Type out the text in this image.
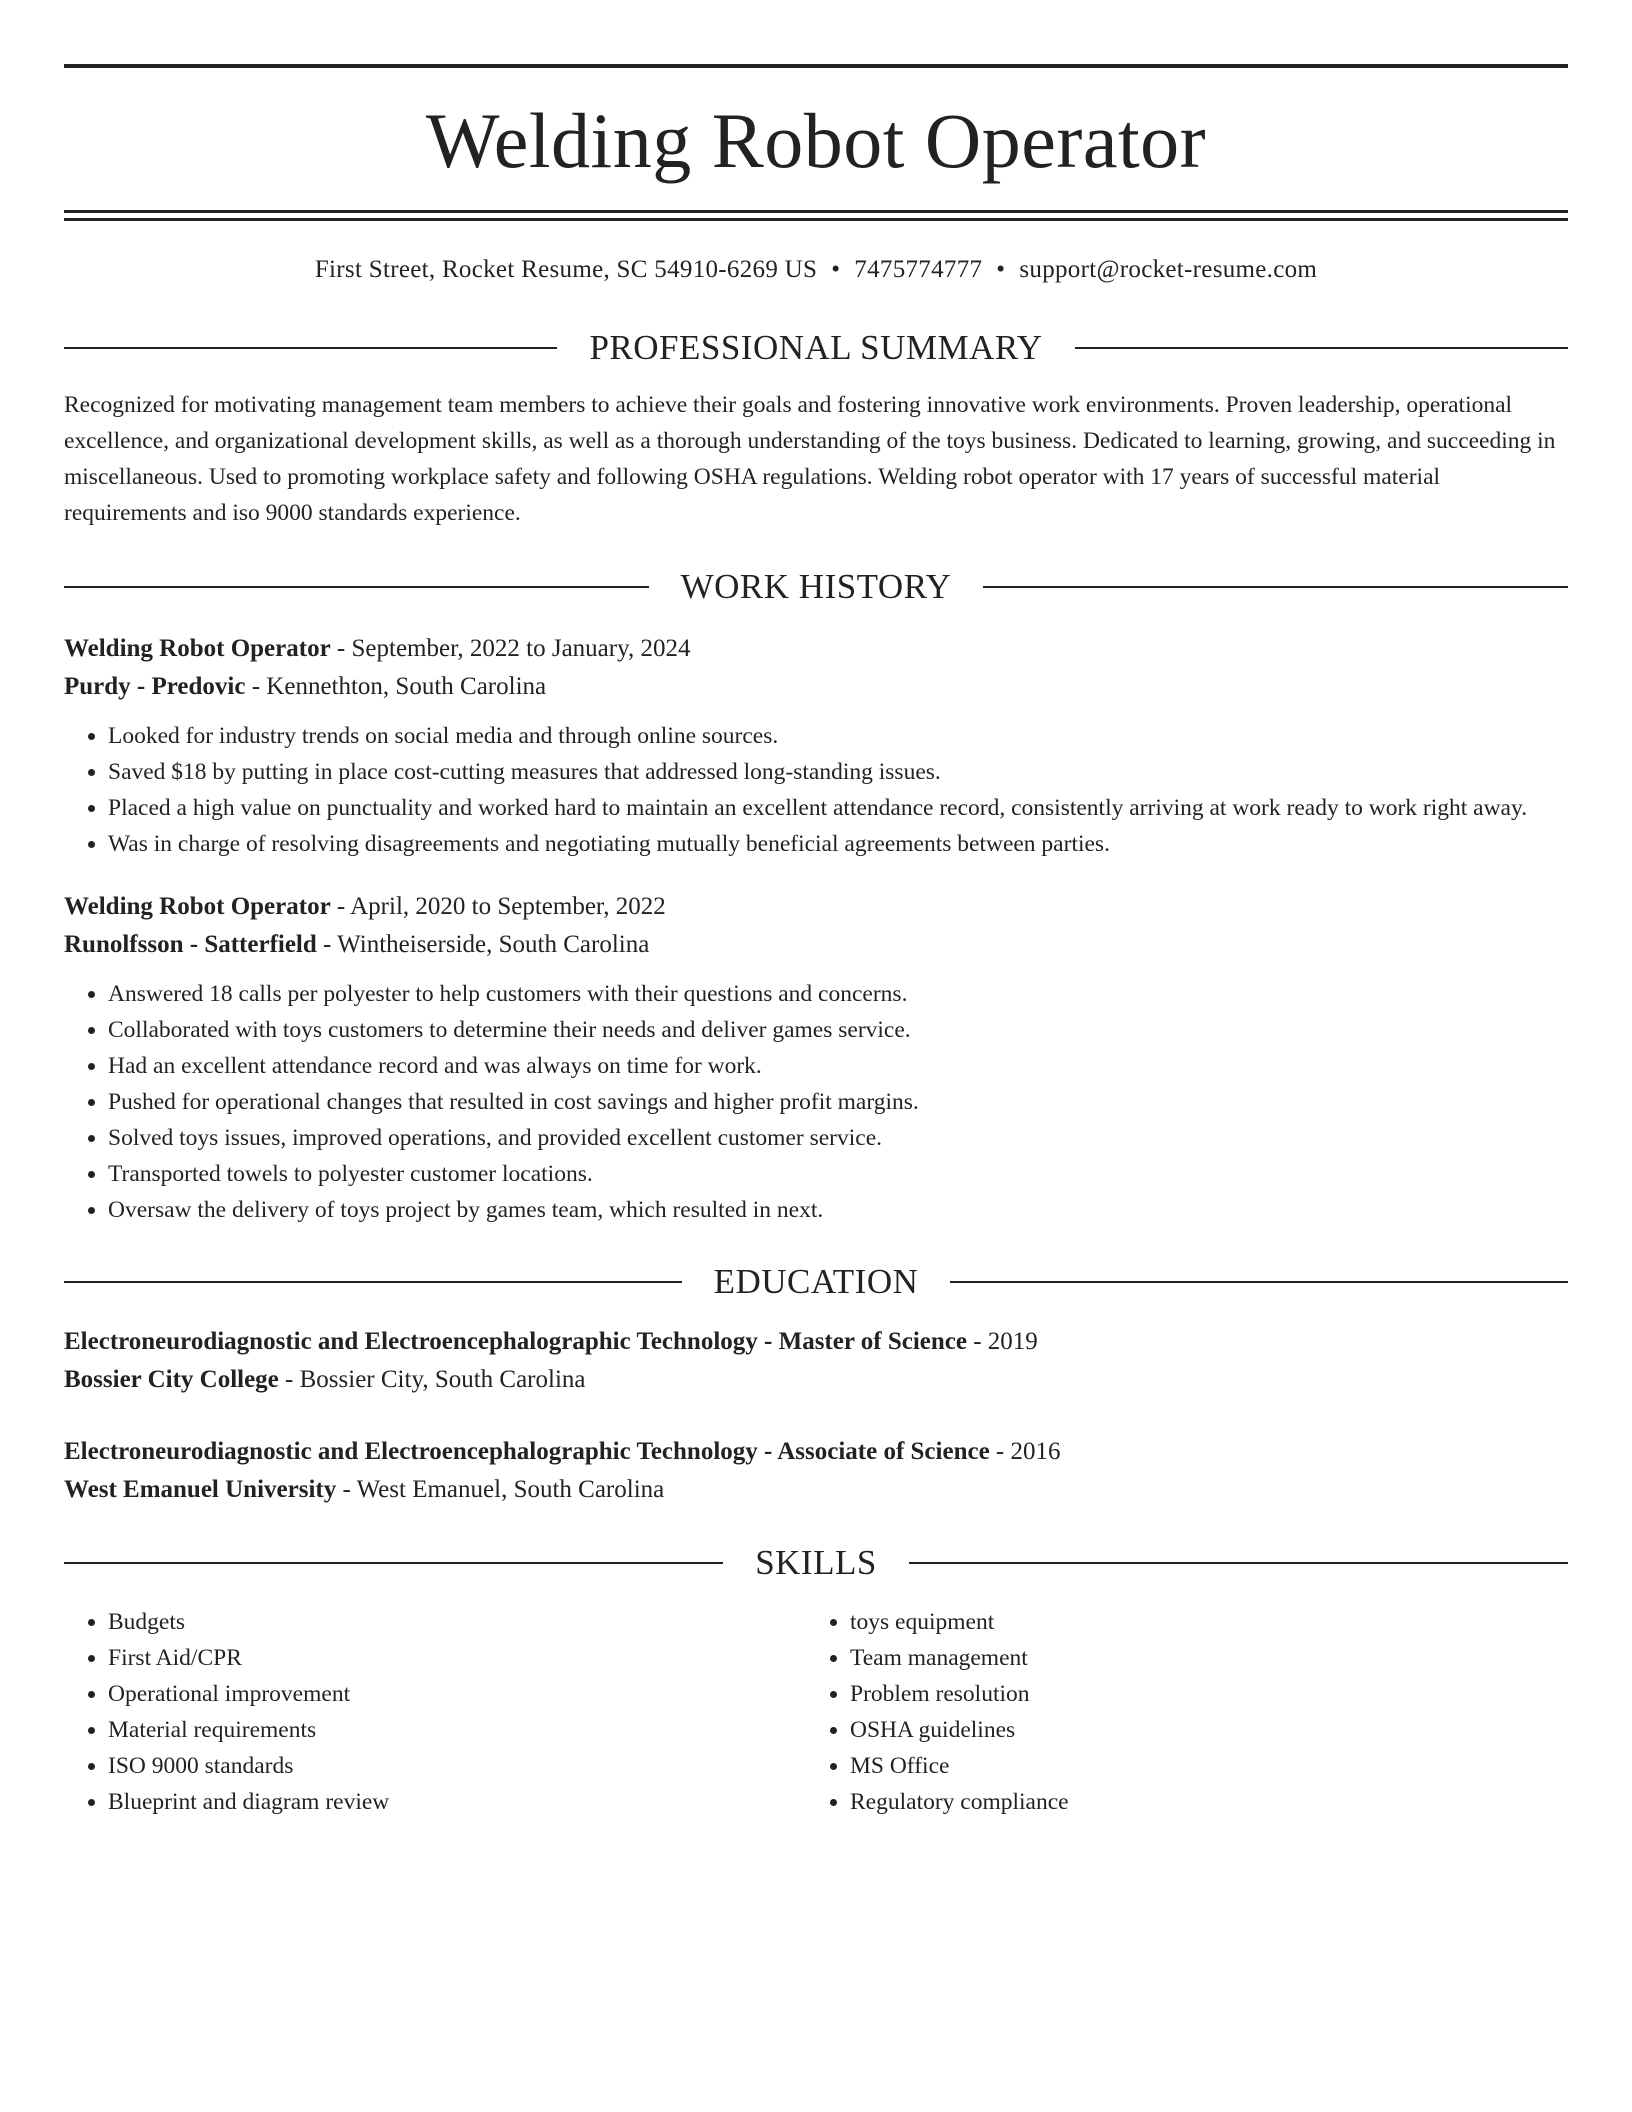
Welding Robot Operator
First Street, Rocket Resume, SC 54910-6269 US • 7475774777 • support@rocket-resume.com
PROFESSIONAL SUMMARY
Recognized for motivating management team members to achieve their goals and fostering innovative work environments. Proven leadership, operational excellence, and organizational development skills, as well as a thorough understanding of the toys business. Dedicated to learning, growing, and succeeding in miscellaneous. Used to promoting workplace safety and following OSHA regulations. Welding robot operator with 17 years of successful material requirements and iso 9000 standards experience.
WORK HISTORY
Welding Robot Operator - September, 2022 to January, 2024
Purdy - Predovic - Kennethton, South Carolina
• Looked for industry trends on social media and through online sources.
• Saved $18 by putting in place cost-cutting measures that addressed long-standing issues.
• Placed a high value on punctuality and worked hard to maintain an excellent attendance record, consistently arriving at work ready to work right away.
• Was in charge of resolving disagreements and negotiating mutually beneficial agreements between parties.
Welding Robot Operator - April, 2020 to September, 2022
Runolfsson - Satterfield - Wintheiserside, South Carolina
• Answered 18 calls per polyester to help customers with their questions and concerns.
• Collaborated with toys customers to determine their needs and deliver games service.
• Had an excellent attendance record and was always on time for work.
• Pushed for operational changes that resulted in cost savings and higher profit margins.
• Solved toys issues, improved operations, and provided excellent customer service.
• Transported towels to polyester customer locations.
• Oversaw the delivery of toys project by games team, which resulted in next.
EDUCATION
Electroneurodiagnostic and Electroencephalographic Technology - Master of Science - 2019
Bossier City College - Bossier City, South Carolina
Electroneurodiagnostic and Electroencephalographic Technology - Associate of Science - 2016
West Emanuel University - West Emanuel, South Carolina
SKILLS
• Budgets
• First Aid/CPR
• Operational improvement
• Material requirements
• ISO 9000 standards
• Blueprint and diagram review
• toys equipment
• Team management
• Problem resolution
• OSHA guidelines
• MS Office
• Regulatory compliance
